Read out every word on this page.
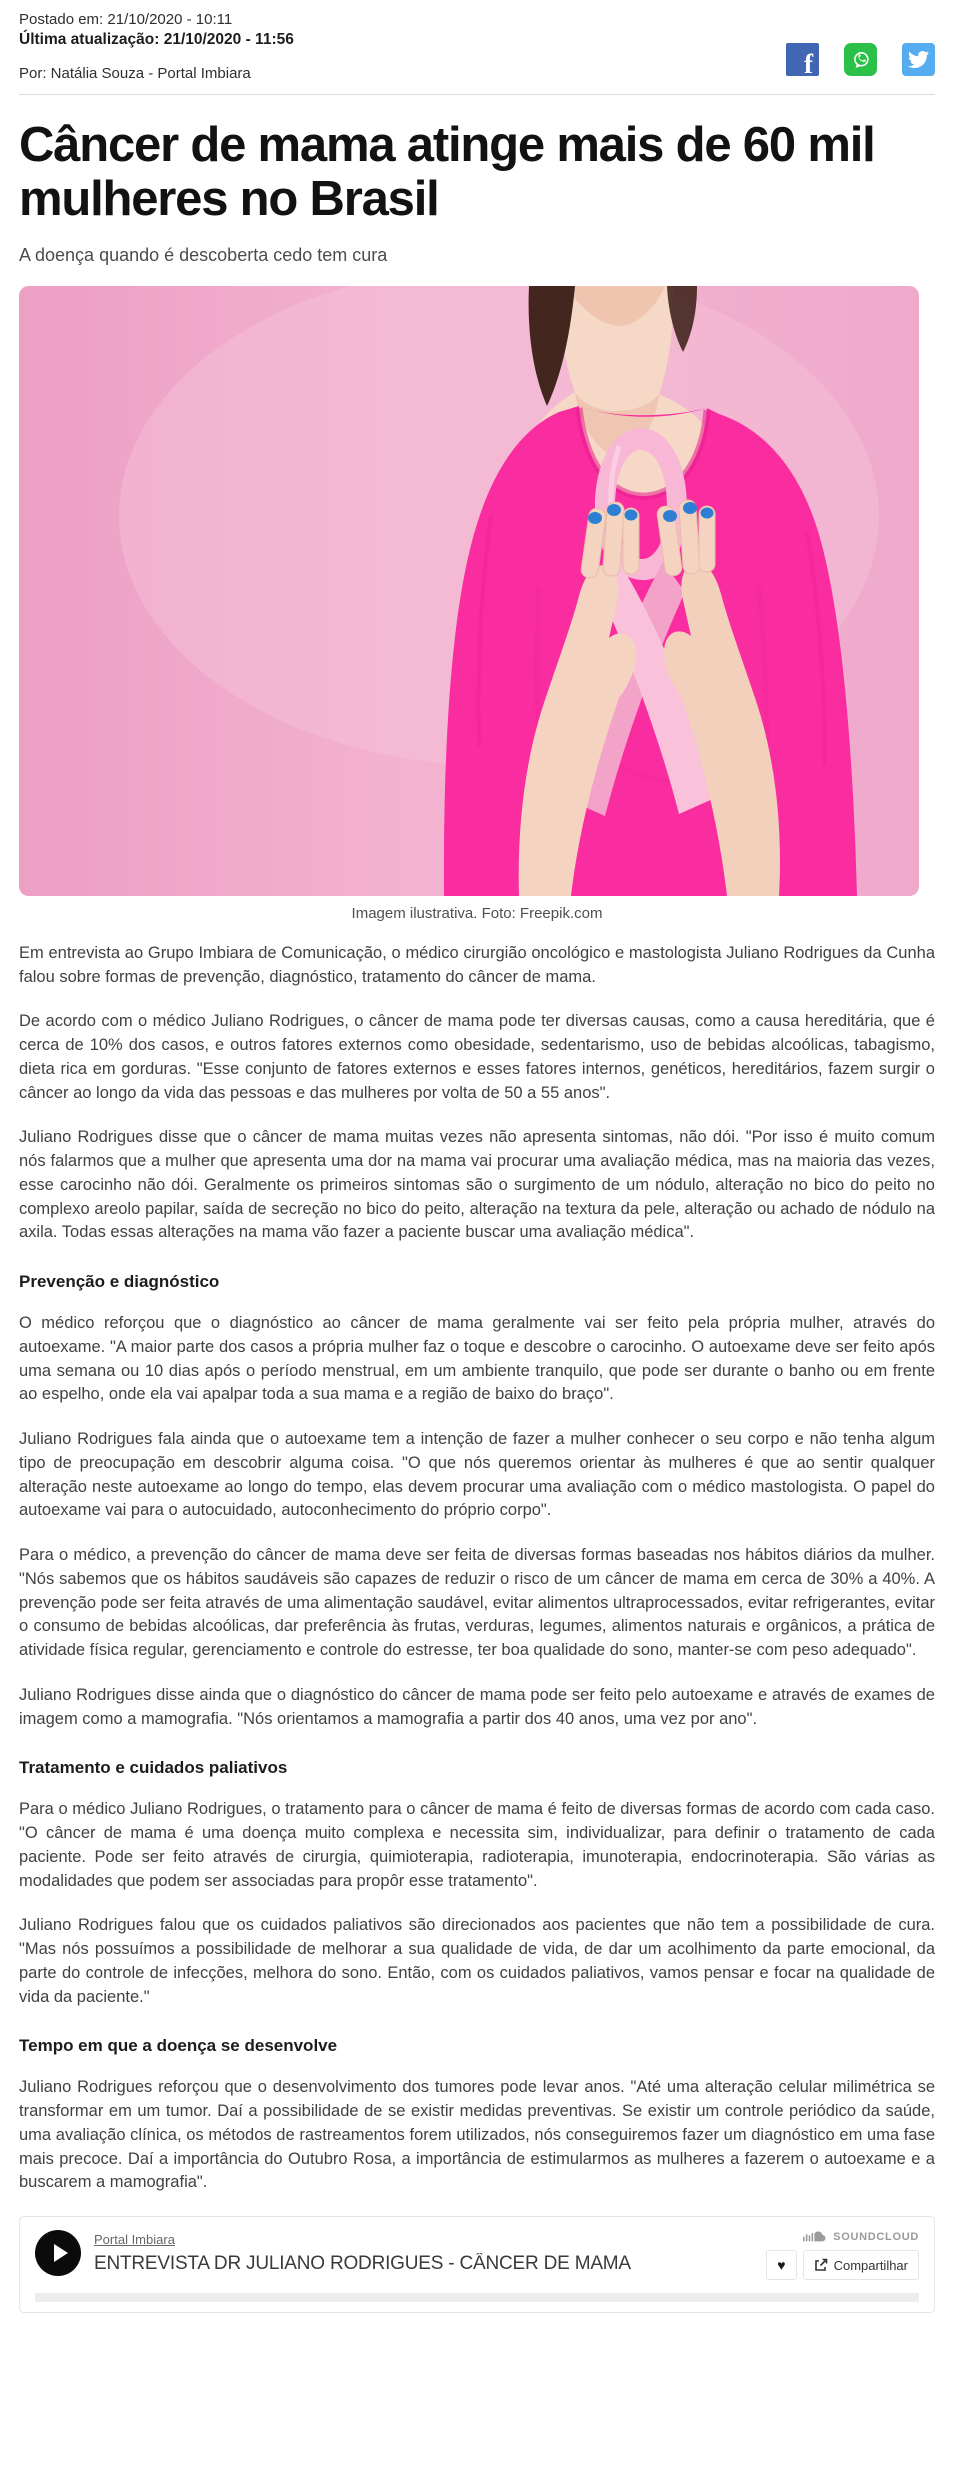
Postado em: 21/10/2020 - 10:11
Última atualização: 21/10/2020 - 11:56
Por: Natália Souza - Portal Imbiara	f
Câncer de mama atinge mais de 60 mil mulheres no Brasil

A doença quando é descoberta cedo tem cura

Imagem ilustrativa. Foto: Freepik.com

Em entrevista ao Grupo Imbiara de Comunicação, o médico cirurgião oncológico e mastologista Juliano Rodrigues da Cunha falou sobre formas de prevenção, diagnóstico, tratamento do câncer de mama.

De acordo com o médico Juliano Rodrigues, o câncer de mama pode ter diversas causas, como a causa hereditária, que é cerca de 10% dos casos, e outros fatores externos como obesidade, sedentarismo, uso de bebidas alcoólicas, tabagismo, dieta rica em gorduras. "Esse conjunto de fatores externos e esses fatores internos, genéticos, hereditários, fazem surgir o câncer ao longo da vida das pessoas e das mulheres por volta de 50 a 55 anos".

Juliano Rodrigues disse que o câncer de mama muitas vezes não apresenta sintomas, não dói. "Por isso é muito comum nós falarmos que a mulher que apresenta uma dor na mama vai procurar uma avaliação médica, mas na maioria das vezes, esse carocinho não dói. Geralmente os primeiros sintomas são o surgimento de um nódulo, alteração no bico do peito no complexo areolo papilar, saída de secreção no bico do peito, alteração na textura da pele, alteração ou achado de nódulo na axila. Todas essas alterações na mama vão fazer a paciente buscar uma avaliação médica".

Prevenção e diagnóstico

O médico reforçou que o diagnóstico ao câncer de mama geralmente vai ser feito pela própria mulher, através do autoexame. "A maior parte dos casos a própria mulher faz o toque e descobre o carocinho. O autoexame deve ser feito após uma semana ou 10 dias após o período menstrual, em um ambiente tranquilo, que pode ser durante o banho ou em frente ao espelho, onde ela vai apalpar toda a sua mama e a região de baixo do braço".

Juliano Rodrigues fala ainda que o autoexame tem a intenção de fazer a mulher conhecer o seu corpo e não tenha algum tipo de preocupação em descobrir alguma coisa. "O que nós queremos orientar às mulheres é que ao sentir qualquer alteração neste autoexame ao longo do tempo, elas devem procurar uma avaliação com o médico mastologista. O papel do autoexame vai para o autocuidado, autoconhecimento do próprio corpo".

Para o médico, a prevenção do câncer de mama deve ser feita de diversas formas baseadas nos hábitos diários da mulher. "Nós sabemos que os hábitos saudáveis são capazes de reduzir o risco de um câncer de mama em cerca de 30% a 40%. A prevenção pode ser feita através de uma alimentação saudável, evitar alimentos ultraprocessados, evitar refrigerantes, evitar o consumo de bebidas alcoólicas, dar preferência às frutas, verduras, legumes, alimentos naturais e orgânicos, a prática de atividade física regular, gerenciamento e controle do estresse, ter boa qualidade do sono, manter-se com peso adequado".

Juliano Rodrigues disse ainda que o diagnóstico do câncer de mama pode ser feito pelo autoexame e através de exames de imagem como a mamografia. "Nós orientamos a mamografia a partir dos 40 anos, uma vez por ano".

Tratamento e cuidados paliativos

Para o médico Juliano Rodrigues, o tratamento para o câncer de mama é feito de diversas formas de acordo com cada caso. "O câncer de mama é uma doença muito complexa e necessita sim, individualizar, para definir o tratamento de cada paciente. Pode ser feito através de cirurgia, quimioterapia, radioterapia, imunoterapia, endocrinoterapia. São várias as modalidades que podem ser associadas para propôr esse tratamento".

Juliano Rodrigues falou que os cuidados paliativos são direcionados aos pacientes que não tem a possibilidade de cura. "Mas nós possuímos a possibilidade de melhorar a sua qualidade de vida, de dar um acolhimento da parte emocional, da parte do controle de infecções, melhora do sono. Então, com os cuidados paliativos, vamos pensar e focar na qualidade de vida da paciente."

Tempo em que a doença se desenvolve

Juliano Rodrigues reforçou que o desenvolvimento dos tumores pode levar anos. "Até uma alteração celular milimétrica se transformar em um tumor. Daí a possibilidade de se existir medidas preventivas. Se existir um controle periódico da saúde, uma avaliação clínica, os métodos de rastreamentos forem utilizados, nós conseguiremos fazer um diagnóstico em uma fase mais precoce. Daí a importância do Outubro Rosa, a importância de estimularmos as mulheres a fazerem o autoexame e a buscarem a mamografia".

Portal Imbiara
ENTREVISTA DR JULIANO RODRIGUES - CÂNCER DE MAMA
SOUNDCLOUD
♥	Compartilhar
